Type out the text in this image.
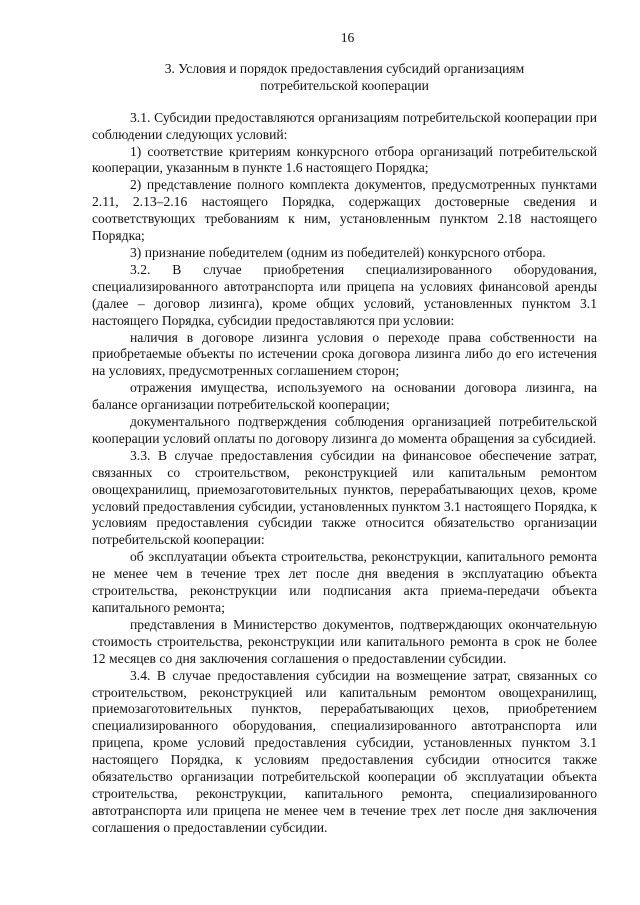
16
3. Условия и порядок предоставления субсидий организациям
потребительской кооперации

3.1. Субсидии предоставляются организациям потребительской кооперации при соблюдении следующих условий:

1) соответствие критериям конкурсного отбора организаций потребительской кооперации, указанным в пункте 1.6 настоящего Порядка;

2) представление полного комплекта документов, предусмотренных пунктами 2.11, 2.13–2.16 настоящего Порядка, содержащих достоверные сведения и соответствующих требованиям к ним, установленным пунктом 2.18 настоящего Порядка;

3) признание победителем (одним из победителей) конкурсного отбора.

3.2. В случае приобретения специализированного оборудования, специализированного автотранспорта или прицепа на условиях финансовой аренды (далее – договор лизинга), кроме общих условий, установленных пунктом 3.1 настоящего Порядка, субсидии предоставляются при условии:

наличия в договоре лизинга условия о переходе права собственности на приобретаемые объекты по истечении срока договора лизинга либо до его истечения на условиях, предусмотренных соглашением сторон;

отражения имущества, используемого на основании договора лизинга, на балансе организации потребительской кооперации;

документального подтверждения соблюдения организацией потребительской кооперации условий оплаты по договору лизинга до момента обращения за субсидией.

3.3. В случае предоставления субсидии на финансовое обеспечение затрат, связанных со строительством, реконструкцией или капитальным ремонтом овощехранилищ, приемозаготовительных пунктов, перерабатывающих цехов, кроме условий предоставления субсидии, установленных пунктом 3.1 настоящего Порядка, к условиям предоставления субсидии также относится обязательство организации потребительской кооперации:

об эксплуатации объекта строительства, реконструкции, капитального ремонта не менее чем в течение трех лет после дня введения в эксплуатацию объекта строительства, реконструкции или подписания акта приема-передачи объекта капитального ремонта;

представления в Министерство документов, подтверждающих окончательную стоимость строительства, реконструкции или капитального ремонта в срок не более 12 месяцев со дня заключения соглашения о предоставлении субсидии.

3.4. В случае предоставления субсидии на возмещение затрат, связанных со строительством, реконструкцией или капитальным ремонтом овощехранилищ, приемозаготовительных пунктов, перерабатывающих цехов, приобретением специализированного оборудования, специализированного автотранспорта или прицепа, кроме условий предоставления субсидии, установленных пунктом 3.1 настоящего Порядка, к условиям предоставления субсидии относится также обязательство организации потребительской кооперации об эксплуатации объекта строительства, реконструкции, капитального ремонта, специализированного автотранспорта или прицепа не менее чем в течение трех лет после дня заключения соглашения о предоставлении субсидии.
